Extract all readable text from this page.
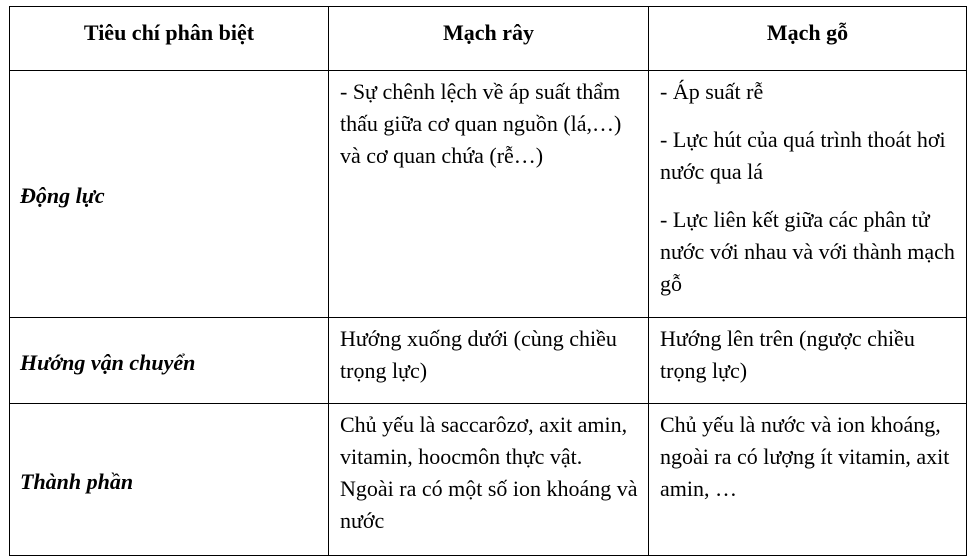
Tiêu chí phân biệt	Mạch rây	Mạch gỗ
Động lực	- Sự chênh lệch về áp suất thẩm thấu giữa cơ quan nguồn (lá,…) và cơ quan chứa (rễ…)	- Áp suất rễ

- Lực hút của quá trình thoát hơi nước qua lá

- Lực liên kết giữa các phân tử nước với nhau và với thành mạch gỗ

Hướng vận chuyển	Hướng xuống dưới (cùng chiều trọng lực)	Hướng lên trên (ngược chiều trọng lực)

Thành phần	Chủ yếu là saccarôzơ, axit amin, vitamin, hoocmôn thực vật. Ngoài ra có một số ion khoáng và nước	Chủ yếu là nước và ion khoáng, ngoài ra có lượng ít vitamin, axit amin, …
